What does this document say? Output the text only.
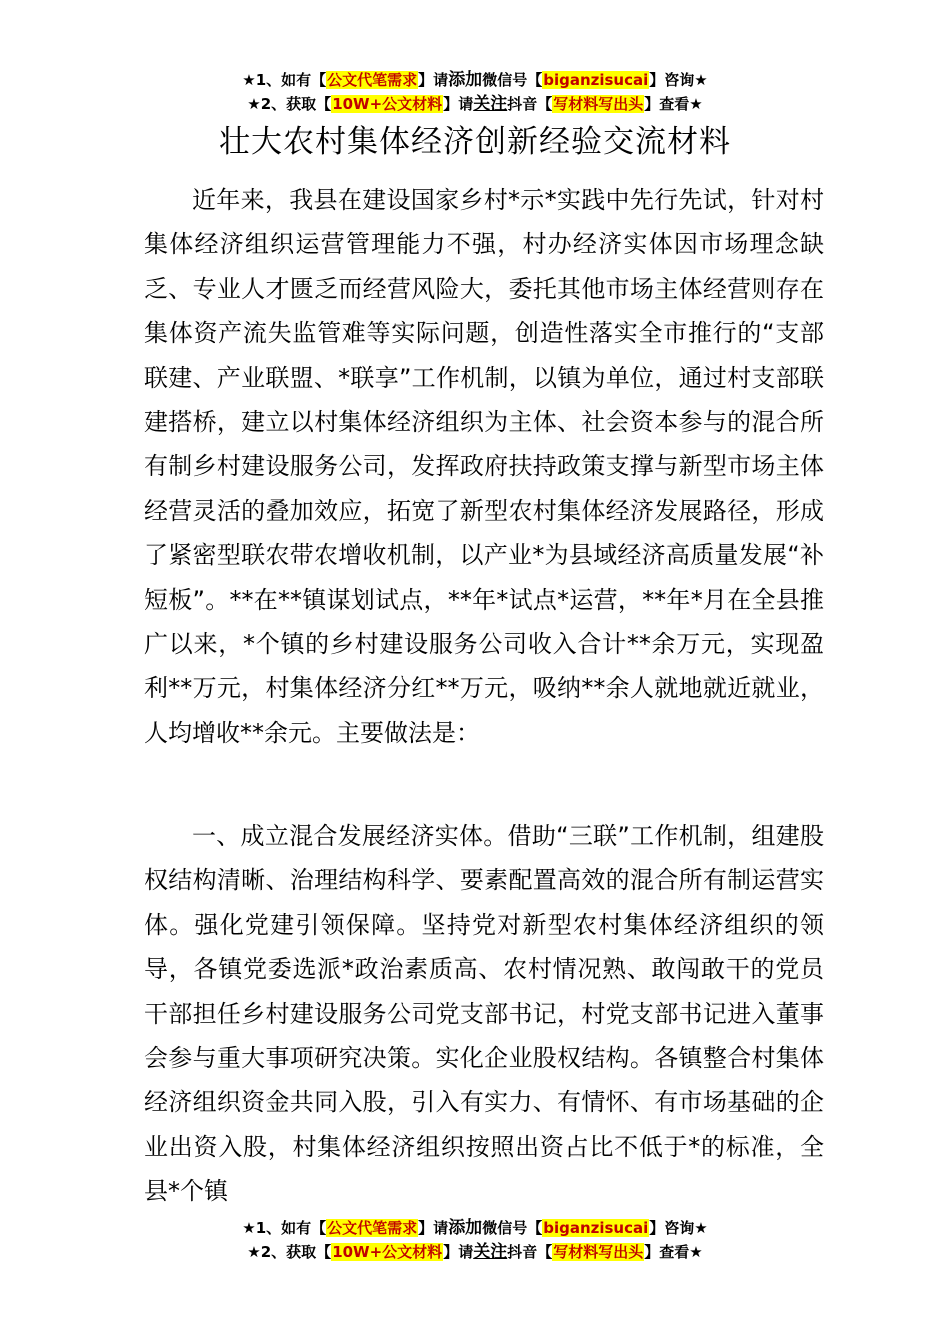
★1、如有【公文代笔需求】请添加微信号【biganzisucai】咨询★
★2、获取【10W+公文材料】请关注抖音【写材料写出头】查看★
壮大农村集体经济创新经验交流材料

近年来，我县在建设国家乡村*示*实践中先行先试，针对村集体经济组织运营管理能力不强，村办经济实体因市场理念缺乏、专业人才匮乏而经营风险大，委托其他市场主体经营则存在集体资产流失监管难等实际问题，创造性落实全市推行的“支部联建、产业联盟、*联享”工作机制，以镇为单位，通过村支部联建搭桥，建立以村集体经济组织为主体、社会资本参与的混合所有制乡村建设服务公司，发挥政府扶持政策支撑与新型市场主体经营灵活的叠加效应，拓宽了新型农村集体经济发展路径，形成了紧密型联农带农增收机制，以产业*为县域经济高质量发展“补短板”。**在**镇谋划试点，**年*试点*运营，**年*月在全县推广以来，*个镇的乡村建设服务公司收入合计**余万元，实现盈利**万元，村集体经济分红**万元，吸纳**余人就地就近就业，人均增收**余元。主要做法是：

一、成立混合发展经济实体。借助“三联”工作机制，组建股权结构清晰、治理结构科学、要素配置高效的混合所有制运营实体。强化党建引领保障。坚持党对新型农村集体经济组织的领导，各镇党委选派*政治素质高、农村情况熟、敢闯敢干的党员干部担任乡村建设服务公司党支部书记，村党支部书记进入董事会参与重大事项研究决策。实化企业股权结构。各镇整合村集体经济组织资金共同入股，引入有实力、有情怀、有市场基础的企业出资入股，村集体经济组织按照出资占比不低于*的标准，全县*个镇

★1、如有【公文代笔需求】请添加微信号【biganzisucai】咨询★
★2、获取【10W+公文材料】请关注抖音【写材料写出头】查看★
